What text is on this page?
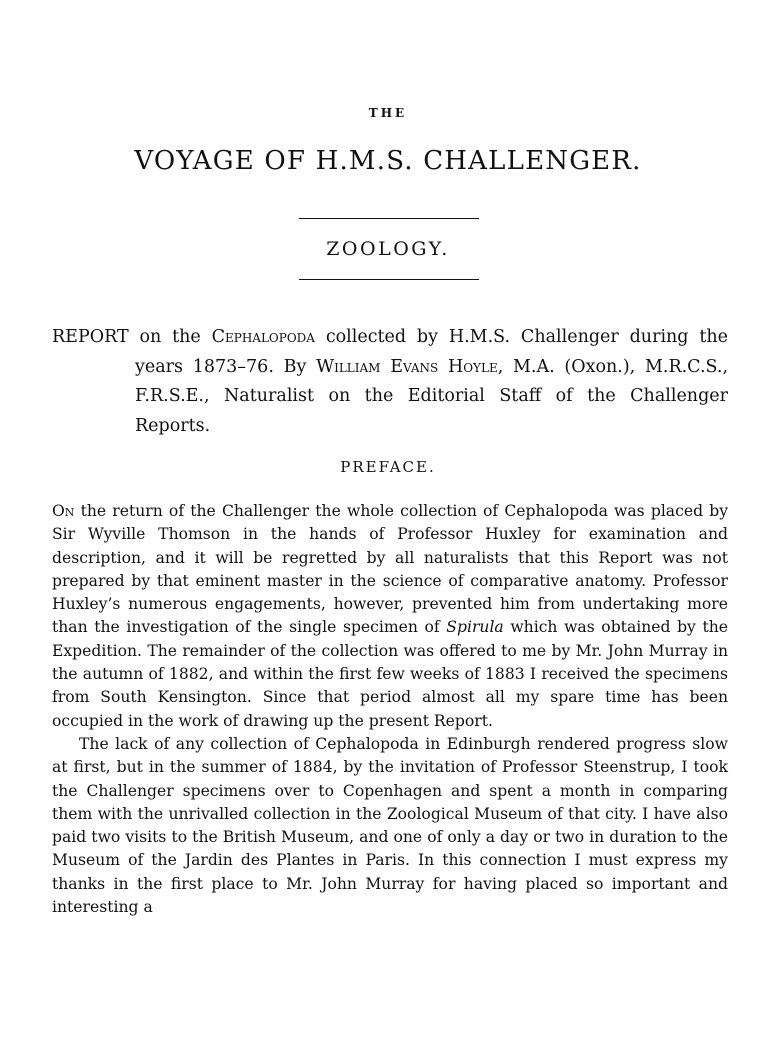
THE
VOYAGE OF H.M.S. CHALLENGER.
ZOOLOGY.
REPORT on the Cephalopoda collected by H.M.S. Challenger during the years 1873–76. By William Evans Hoyle, M.A. (Oxon.), M.R.C.S., F.R.S.E., Naturalist on the Editorial Staff of the Challenger Reports.
PREFACE.

On the return of the Challenger the whole collection of Cephalopoda was placed by Sir Wyville Thomson in the hands of Professor Huxley for examination and description, and it will be regretted by all naturalists that this Report was not prepared by that eminent master in the science of comparative anatomy. Professor Huxley’s numerous engagements, however, prevented him from undertaking more than the investigation of the single specimen of Spirula which was obtained by the Expedition. The remainder of the collection was offered to me by Mr. John Murray in the autumn of 1882, and within the first few weeks of 1883 I received the specimens from South Kensington. Since that period almost all my spare time has been occupied in the work of drawing up the present Report.

The lack of any collection of Cephalopoda in Edinburgh rendered progress slow at first, but in the summer of 1884, by the invitation of Professor Steenstrup, I took the Challenger specimens over to Copenhagen and spent a month in comparing them with the unrivalled collection in the Zoological Museum of that city. I have also paid two visits to the British Museum, and one of only a day or two in duration to the Museum of the Jardin des Plantes in Paris. In this connection I must express my thanks in the first place to Mr. John Murray for having placed so important and interesting a
